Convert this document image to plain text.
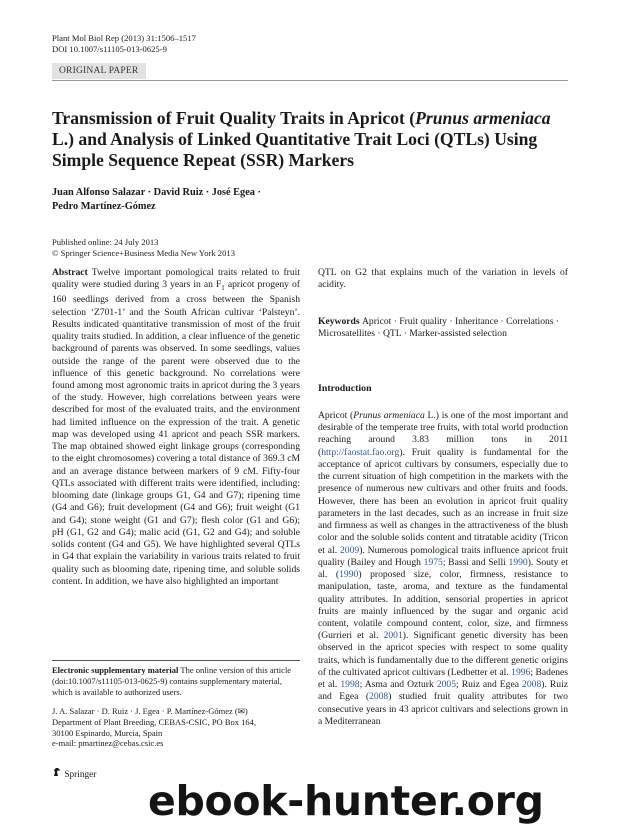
Plant Mol Biol Rep (2013) 31:1506–1517
DOI 10.1007/s11105-013-0625-9
ORIGINAL PAPER
Transmission of Fruit Quality Traits in Apricot (Prunus armeniaca L.) and Analysis of Linked Quantitative Trait Loci (QTLs) Using Simple Sequence Repeat (SSR) Markers
Juan Alfonso Salazar · David Ruiz · José Egea ·
Pedro Martínez-Gómez
Published online: 24 July 2013
© Springer Science+Business Media New York 2013

Abstract Twelve important pomological traits related to fruit quality were studied during 3 years in an $F_1$ apricot progeny of 160 seedlings derived from a cross between the Spanish selection ‘Z701-1’ and the South African cultivar ‘Palsteyn’. Results indicated quantitative transmission of most of the fruit quality traits studied. In addition, a clear influence of the genetic background of parents was observed. In some seedlings, values outside the range of the parent were observed due to the influence of this genetic background. No correlations were found among most agronomic traits in apricot during the 3 years of the study. However, high correlations between years were described for most of the evaluated traits, and the environment had limited influence on the expression of the trait. A genetic map was developed using 41 apricot and peach SSR markers. The map obtained showed eight linkage groups (corresponding to the eight chromosomes) covering a total distance of 369.3 cM and an average distance between markers of 9 cM. Fifty-four QTLs associated with different traits were identified, including: blooming date (linkage groups G1, G4 and G7); ripening time (G4 and G6); fruit development (G4 and G6); fruit weight (G1 and G4); stone weight (G1 and G7); flesh color (G1 and G6); pH (G1, G2 and G4); malic acid (G1, G2 and G4); and soluble solids content (G4 and G5). We have highlighted several QTLs in G4 that explain the variability in various traits related to fruit quality such as blooming date, ripening time, and soluble solids content. In addition, we have also highlighted an important

QTL on G2 that explains much of the variation in levels of acidity.
Keywords Apricot · Fruit quality · Inheritance · Correlations · Microsatellites · QTL · Marker-assisted selection
Introduction

Apricot (Prunus armeniaca L.) is one of the most important and desirable of the temperate tree fruits, with total world production reaching around 3.83 million tons in 2011 (http://faostat.fao.org). Fruit quality is fundamental for the acceptance of apricot cultivars by consumers, especially due to the current situation of high competition in the markets with the presence of numerous new cultivars and other fruits and foods. However, there has been an evolution in apricot fruit quality parameters in the last decades, such as an increase in fruit size and firmness as well as changes in the attractiveness of the blush color and the soluble solids content and titratable acidity (Tricon et al. 2009). Numerous pomological traits influence apricot fruit quality (Bailey and Hough 1975; Bassi and Selli 1990). Souty et al. (1990) proposed size, color, firmness, resistance to manipulation, taste, aroma, and texture as the fundamental quality attributes. In addition, sensorial properties in apricot fruits are mainly influenced by the sugar and organic acid content, volatile compound content, color, size, and firmness (Gurrieri et al. 2001). Significant genetic diversity has been observed in the apricot species with respect to some quality traits, which is fundamentally due to the different genetic origins of the cultivated apricot cultivars (Ledbetter et al. 1996; Badenes et al. 1998; Asma and Ozturk 2005; Ruiz and Egea 2008). Ruiz and Egea (2008) studied fruit quality attributes for two consecutive years in 43 apricot cultivars and selections grown in a Mediterranean

Electronic supplementary material The online version of this article (doi:10.1007/s11105-013-0625-9) contains supplementary material, which is available to authorized users.
J. A. Salazar · D. Ruiz · J. Egea · P. Martínez-Gómez (✉)
Department of Plant Breeding, CEBAS-CSIC, PO Box 164,
30100 Espinardo, Murcia, Spain
e-mail: pmartinez@cebas.csic.es
Springer
ebook-hunter.org
